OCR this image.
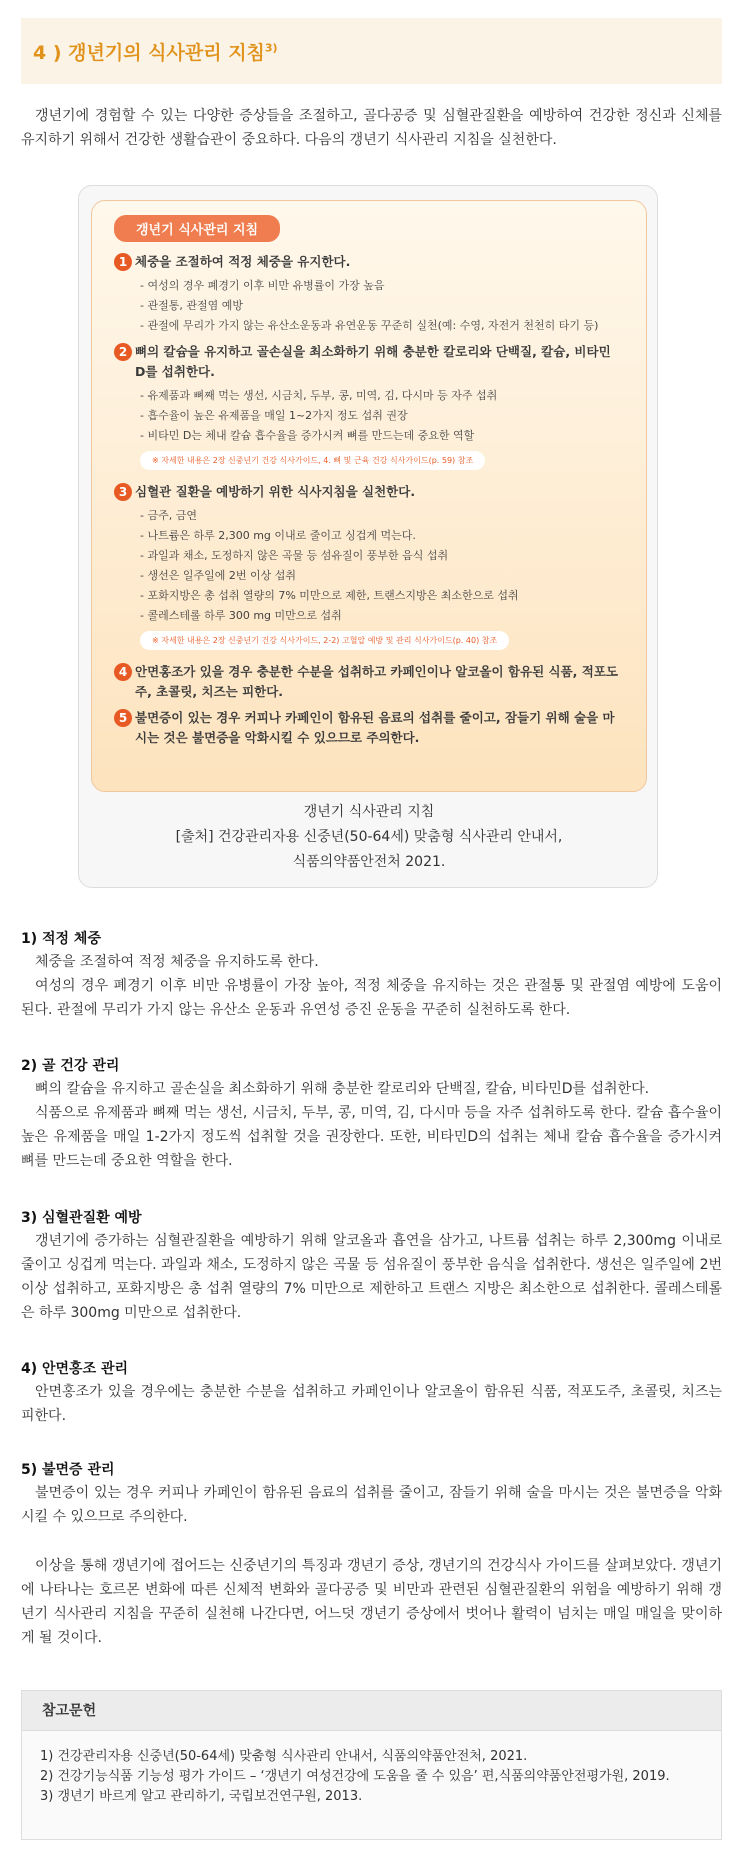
4 ) 갱년기의 식사관리 지침$^{3)}$

갱년기에 경험할 수 있는 다양한 증상들을 조절하고, 골다공증 및 심혈관질환을 예방하여 건강한 정신과 신체를 유지하기 위해서 건강한 생활습관이 중요하다. 다음의 갱년기 식사관리 지침을 실천한다.

갱년기 식사관리 지침
1 체중을 조절하여 적정 체중을 유지한다.
- 여성의 경우 폐경기 이후 비만 유병률이 가장 높음
- 관절통, 관절염 예방
- 관절에 무리가 가지 않는 유산소운동과 유연운동 꾸준히 실천(예: 수영, 자전거 천천히 타기 등)
2 뼈의 칼슘을 유지하고 골손실을 최소화하기 위해 충분한 칼로리와 단백질, 칼슘, 비타민 D를 섭취한다.
- 유제품과 뼈째 먹는 생선, 시금치, 두부, 콩, 미역, 김, 다시마 등 자주 섭취
- 흡수율이 높은 유제품을 매일 1~2가지 정도 섭취 권장
- 비타민 D는 체내 칼슘 흡수율을 증가시켜 뼈를 만드는데 중요한 역할
※ 자세한 내용은 2장 신중년기 건강 식사가이드, 4. 뼈 및 근육 건강 식사가이드(p. 59) 참조
3 심혈관 질환을 예방하기 위한 식사지침을 실천한다.
- 금주, 금연
- 나트륨은 하루 2,300 mg 이내로 줄이고 싱겁게 먹는다.
- 과일과 채소, 도정하지 않은 곡물 등 섬유질이 풍부한 음식 섭취
- 생선은 일주일에 2번 이상 섭취
- 포화지방은 총 섭취 열량의 7% 미만으로 제한, 트랜스지방은 최소한으로 섭취
- 콜레스테롤 하루 300 mg 미만으로 섭취
※ 자세한 내용은 2장 신중년기 건강 식사가이드, 2-2) 고혈압 예방 및 관리 식사가이드(p. 40) 참조
4 안면홍조가 있을 경우 충분한 수분을 섭취하고 카페인이나 알코올이 함유된 식품, 적포도주, 초콜릿, 치즈는 피한다.
5 불면증이 있는 경우 커피나 카페인이 함유된 음료의 섭취를 줄이고, 잠들기 위해 술을 마시는 것은 불면증을 악화시킬 수 있으므로 주의한다.
갱년기 식사관리 지침
[출처] 건강관리자용 신중년(50-64세) 맞춤형 식사관리 안내서,
식품의약품안전처 2021.
1) 적정 체중

체중을 조절하여 적정 체중을 유지하도록 한다.

여성의 경우 폐경기 이후 비만 유병률이 가장 높아, 적정 체중을 유지하는 것은 관절통 및 관절염 예방에 도움이 된다. 관절에 무리가 가지 않는 유산소 운동과 유연성 증진 운동을 꾸준히 실천하도록 한다.

2) 골 건강 관리

뼈의 칼슘을 유지하고 골손실을 최소화하기 위해 충분한 칼로리와 단백질, 칼슘, 비타민D를 섭취한다.

식품으로 유제품과 뼈째 먹는 생선, 시금치, 두부, 콩, 미역, 김, 다시마 등을 자주 섭취하도록 한다. 칼슘 흡수율이 높은 유제품을 매일 1-2가지 정도씩 섭취할 것을 권장한다. 또한, 비타민D의 섭취는 체내 칼슘 흡수율을 증가시켜 뼈를 만드는데 중요한 역할을 한다.

3) 심혈관질환 예방

갱년기에 증가하는 심혈관질환을 예방하기 위해 알코올과 흡연을 삼가고, 나트륨 섭취는 하루 2,300mg 이내로 줄이고 싱겁게 먹는다. 과일과 채소, 도정하지 않은 곡물 등 섬유질이 풍부한 음식을 섭취한다. 생선은 일주일에 2번 이상 섭취하고, 포화지방은 총 섭취 열량의 7% 미만으로 제한하고 트랜스 지방은 최소한으로 섭취한다. 콜레스테롤은 하루 300mg 미만으로 섭취한다.

4) 안면홍조 관리

안면홍조가 있을 경우에는 충분한 수분을 섭취하고 카페인이나 알코올이 함유된 식품, 적포도주, 초콜릿, 치즈는 피한다.

5) 불면증 관리

불면증이 있는 경우 커피나 카페인이 함유된 음료의 섭취를 줄이고, 잠들기 위해 술을 마시는 것은 불면증을 악화시킬 수 있으므로 주의한다.

이상을 통해 갱년기에 접어드는 신중년기의 특징과 갱년기 증상, 갱년기의 건강식사 가이드를 살펴보았다. 갱년기에 나타나는 호르몬 변화에 따른 신체적 변화와 골다공증 및 비만과 관련된 심혈관질환의 위험을 예방하기 위해 갱년기 식사관리 지침을 꾸준히 실천해 나간다면, 어느덧 갱년기 증상에서 벗어나 활력이 넘치는 매일 매일을 맞이하게 될 것이다.

참고문헌
1) 건강관리자용 신중년(50-64세) 맞춤형 식사관리 안내서, 식품의약품안전처, 2021.
2) 건강기능식품 기능성 평가 가이드 – ‘갱년기 여성건강에 도움을 줄 수 있음’ 편,식품의약품안전평가원, 2019.
3) 갱년기 바르게 알고 관리하기, 국립보건연구원, 2013.
